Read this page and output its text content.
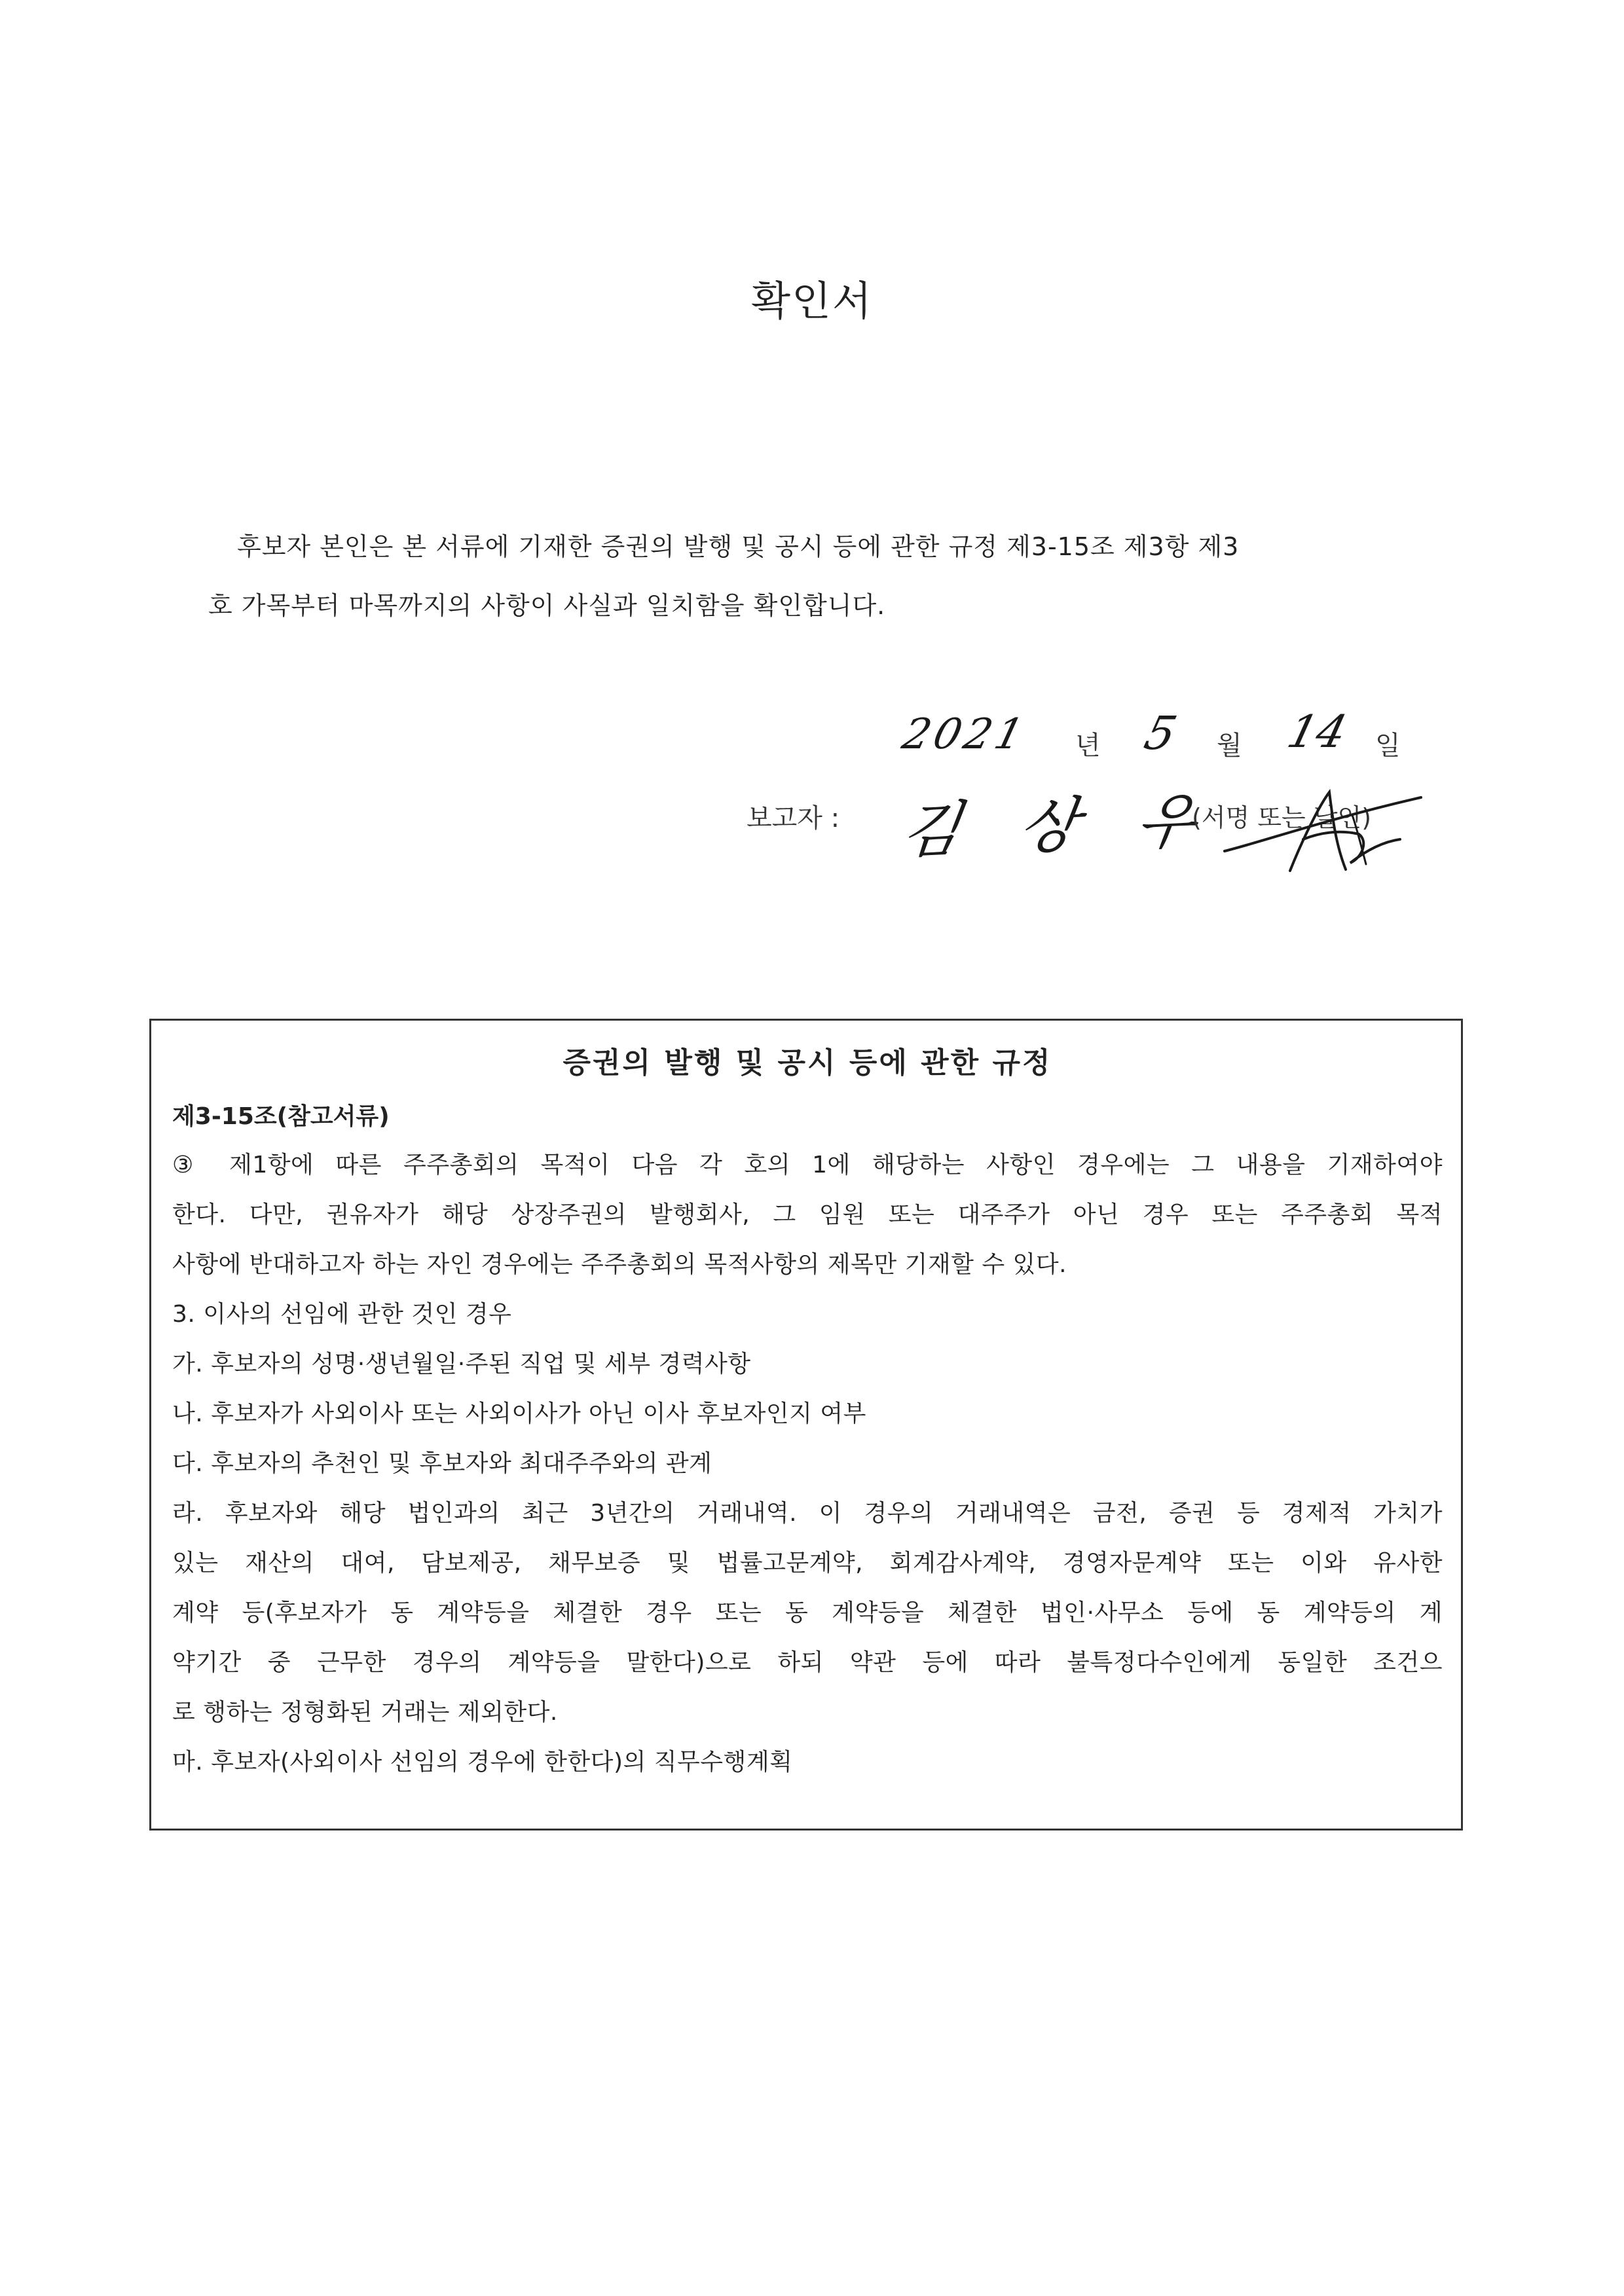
확인서

후보자 본인은 본 서류에 기재한 증권의 발행 및 공시 등에 관한 규정 제3-15조 제3항 제3

호 가목부터 마목까지의 사항이 사실과 일치함을 확인합니다.

2021 년 5 월 14 일
보고자 : 김 상 우
(서명 또는 날인)
증권의 발행 및 공시 등에 관한 규정
제3-15조(참고서류)

③ 제1항에 따른 주주총회의 목적이 다음 각 호의 1에 해당하는 사항인 경우에는 그 내용을 기재하여야

한다. 다만, 권유자가 해당 상장주권의 발행회사, 그 임원 또는 대주주가 아닌 경우 또는 주주총회 목적

사항에 반대하고자 하는 자인 경우에는 주주총회의 목적사항의 제목만 기재할 수 있다.

3. 이사의 선임에 관한 것인 경우

가. 후보자의 성명·생년월일·주된 직업 및 세부 경력사항

나. 후보자가 사외이사 또는 사외이사가 아닌 이사 후보자인지 여부

다. 후보자의 추천인 및 후보자와 최대주주와의 관계

라. 후보자와 해당 법인과의 최근 3년간의 거래내역. 이 경우의 거래내역은 금전, 증권 등 경제적 가치가

있는 재산의 대여, 담보제공, 채무보증 및 법률고문계약, 회계감사계약, 경영자문계약 또는 이와 유사한

계약 등(후보자가 동 계약등을 체결한 경우 또는 동 계약등을 체결한 법인·사무소 등에 동 계약등의 계

약기간 중 근무한 경우의 계약등을 말한다)으로 하되 약관 등에 따라 불특정다수인에게 동일한 조건으

로 행하는 정형화된 거래는 제외한다.

마. 후보자(사외이사 선임의 경우에 한한다)의 직무수행계획
